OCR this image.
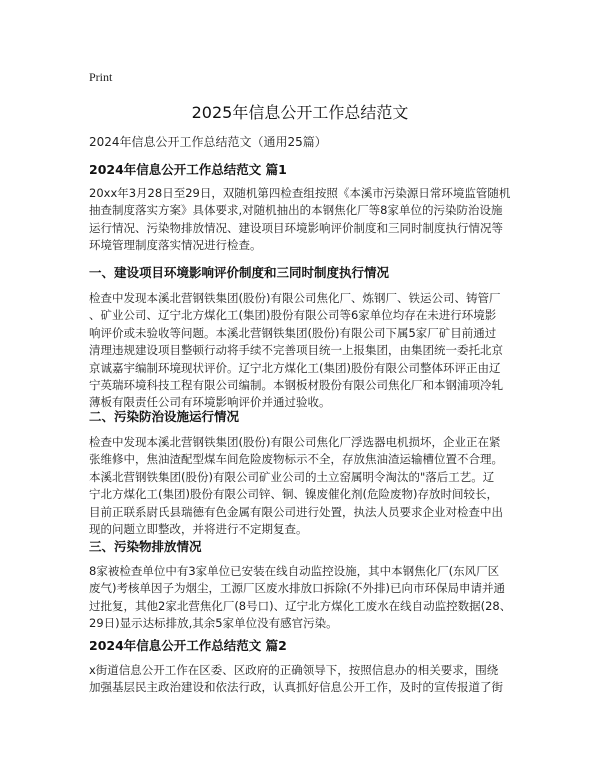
Print
2025年信息公开工作总结范文
2024年信息公开工作总结范文（通用25篇）
2024年信息公开工作总结范文 篇1
20xx年3月28日至29日，双随机第四检查组按照《本溪市污染源日常环境监管随机
抽查制度落实方案》具体要求,对随机抽出的本钢焦化厂等8家单位的污染防治设施
运行情况、污染物排放情况、建设项目环境影响评价制度和三同时制度执行情况等
环境管理制度落实情况进行检查。
一、建设项目环境影响评价制度和三同时制度执行情况
检查中发现本溪北营钢铁集团(股份)有限公司焦化厂、炼钢厂、铁运公司、铸管厂
、矿业公司、辽宁北方煤化工(集团)股份有限公司等6家单位均存在未进行环境影
响评价或未验收等问题。本溪北营钢铁集团(股份)有限公司下属5家厂矿目前通过
清理违规建设项目整顿行动将手续不完善项目统一上报集团，由集团统一委托北京
京诚嘉宇编制环境现状评价。辽宁北方煤化工(集团)股份有限公司整体环评正由辽
宁英瑞环境科技工程有限公司编制。本钢板材股份有限公司焦化厂和本钢浦项冷轧
薄板有限责任公司有环境影响评价并通过验收。
二、污染防治设施运行情况
检查中发现本溪北营钢铁集团(股份)有限公司焦化厂浮选器电机损坏，企业正在紧
张维修中，焦油渣配型煤车间危险废物标示不全，存放焦油渣运输槽位置不合理。
本溪北营钢铁集团(股份)有限公司矿业公司的土立窑属明令淘汰的"落后工艺。辽
宁北方煤化工(集团)股份有限公司锌、铜、镍废催化剂(危险废物)存放时间较长，
目前正联系尉氏县瑞德有色金属有限公司进行处置，执法人员要求企业对检查中出
现的问题立即整改，并将进行不定期复查。
三、污染物排放情况
8家被检查单位中有3家单位已安装在线自动监控设施，其中本钢焦化厂(东风厂区
废气)考核单因子为烟尘，工源厂区废水排放口拆除(不外排)已向市环保局申请并通
过批复，其他2家北营焦化厂(8号口)、辽宁北方煤化工废水在线自动监控数据(28、
29日)显示达标排放,其余5家单位没有感官污染。
2024年信息公开工作总结范文 篇2
x街道信息公开工作在区委、区政府的正确领导下，按照信息办的相关要求，围绕
加强基层民主政治建设和依法行政，认真抓好信息公开工作，及时的宣传报道了街
